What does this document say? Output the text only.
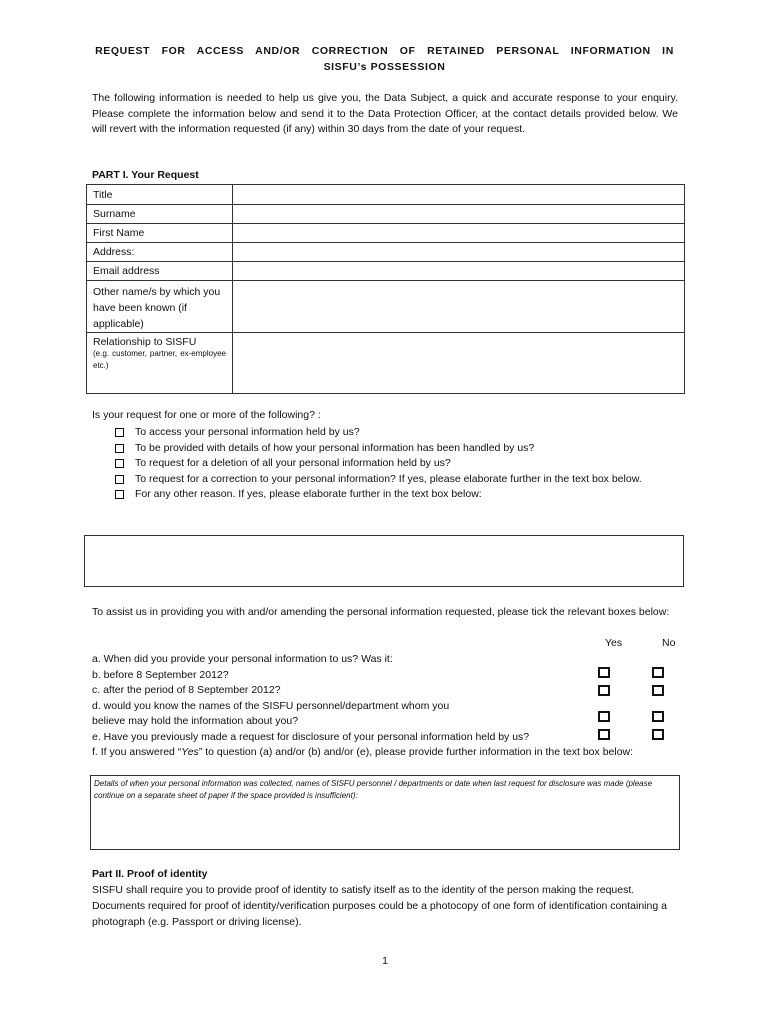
REQUEST FOR ACCESS AND/OR CORRECTION OF RETAINED PERSONAL INFORMATION IN
SISFU’s POSSESSION
The following information is needed to help us give you, the Data Subject, a quick and accurate response to your enquiry. Please complete the information below and send it to the Data Protection Officer, at the contact details provided below. We will revert with the information requested (if any) within 30 days from the date of your request.
PART I. Your Request
Title	
Surname	
First Name	
Address:	
Email address	
Other name/s by which you have been known (if applicable)	

Relationship to SISFU
(e.g. customer, partner, ex-employee etc.)	

Is your request for one or more of the following? :
To access your personal information held by us?
To be provided with details of how your personal information has been handled by us?
To request for a deletion of all your personal information held by us?
To request for a correction to your personal information? If yes, please elaborate further in the text box below.
For any other reason. If yes, please elaborate further in the text box below:
To assist us in providing you with and/or amending the personal information requested, please tick the relevant boxes below:
Yes	No
a. When did you provide your personal information to us? Was it:
b. before 8 September 2012?
c. after the period of 8 September 2012?
d. would you know the names of the SISFU personnel/department whom you
believe may hold the information about you?
e. Have you previously made a request for disclosure of your personal information held by us?
f. If you answered “Yes” to question (a) and/or (b) and/or (e), please provide further information in the text box below:
Details of when your personal information was collected, names of SISFU personnel / departments or date when last request for disclosure was made (please continue on a separate sheet of paper if the space provided is insufficient):
Part II. Proof of identity
SISFU shall require you to provide proof of identity to satisfy itself as to the identity of the person making the request. Documents required for proof of identity/verification purposes could be a photocopy of one form of identification containing a photograph (e.g. Passport or driving license).
1
